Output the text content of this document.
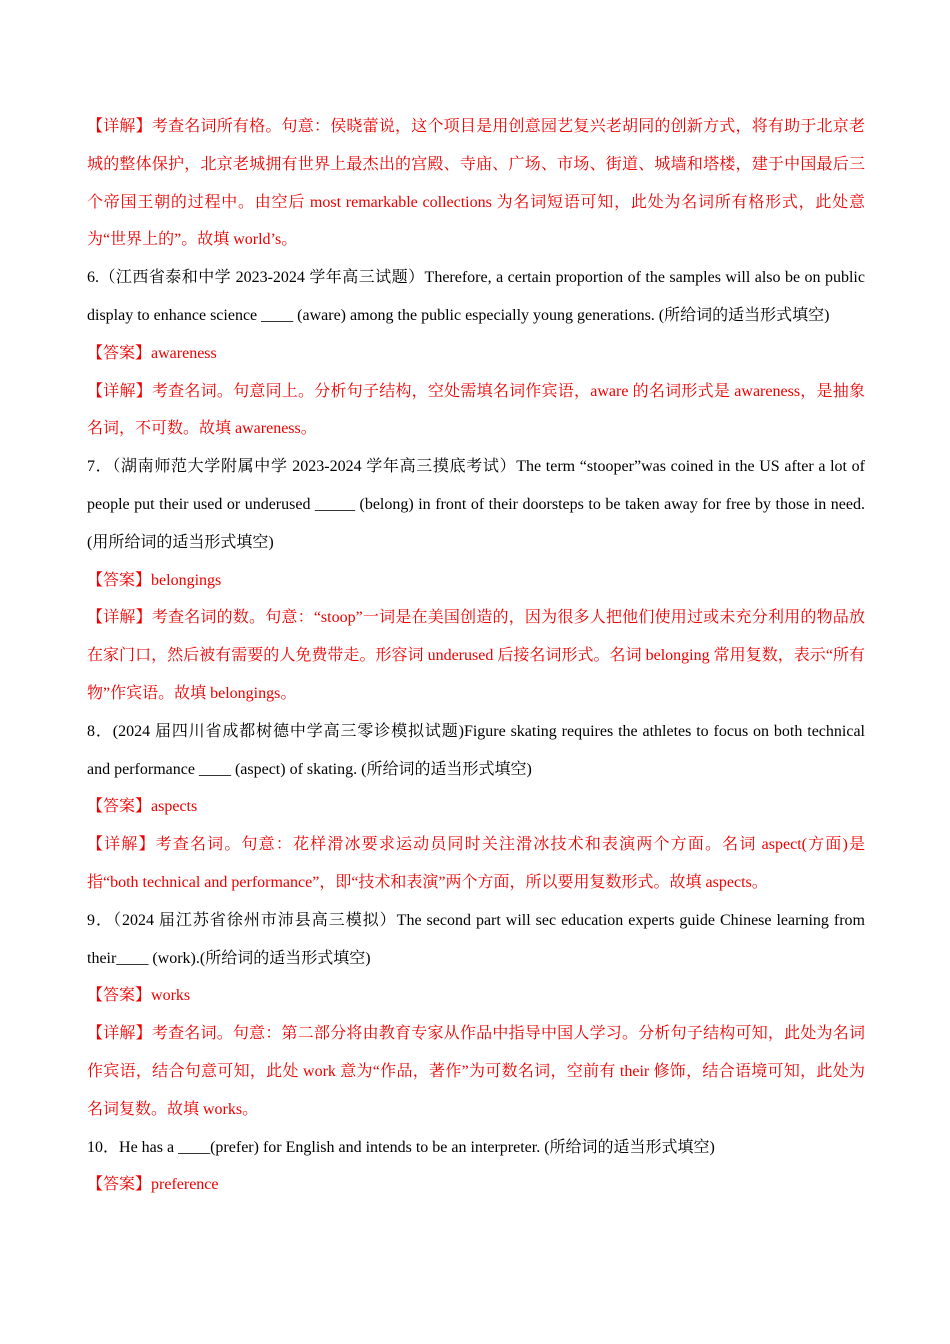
【详解】考查名词所有格。句意：侯晓蕾说，这个项目是用创意园艺复兴老胡同的创新方式，将有助于北京老城的整体保护，北京老城拥有世界上最杰出的宫殿、寺庙、广场、市场、街道、城墙和塔楼，建于中国最后三个帝国王朝的过程中。由空后 most remarkable collections 为名词短语可知，此处为名词所有格形式，此处意为“世界上的”。故填 world’s。

6.（江西省泰和中学 2023-2024 学年高三试题）Therefore, a certain proportion of the samples will also be on public display to enhance science ____ (aware) among the public especially young generations. (所给词的适当形式填空)

【答案】awareness

【详解】考查名词。句意同上。分析句子结构，空处需填名词作宾语，aware 的名词形式是 awareness，是抽象名词，不可数。故填 awareness。

7．（湖南师范大学附属中学 2023-2024 学年高三摸底考试）The term “stooper”was coined in the US after a lot of people put their used or underused _____ (belong) in front of their doorsteps to be taken away for free by those in need. (用所给词的适当形式填空)

【答案】belongings

【详解】考查名词的数。句意：“stoop”一词是在美国创造的，因为很多人把他们使用过或未充分利用的物品放在家门口，然后被有需要的人免费带走。形容词 underused 后接名词形式。名词 belonging 常用复数，表示“所有物”作宾语。故填 belongings。

8．(2024 届四川省成都树德中学高三零诊模拟试题)Figure skating requires the athletes to focus on both technical and performance ____ (aspect) of skating. (所给词的适当形式填空)

【答案】aspects

【详解】考查名词。句意：花样滑冰要求运动员同时关注滑冰技术和表演两个方面。名词 aspect(方面)是指“both technical and performance”，即“技术和表演”两个方面，所以要用复数形式。故填 aspects。

9．（2024 届江苏省徐州市沛县高三模拟）The second part will sec education experts guide Chinese learning from their____ (work).(所给词的适当形式填空)

【答案】works

【详解】考查名词。句意：第二部分将由教育专家从作品中指导中国人学习。分析句子结构可知，此处为名词作宾语，结合句意可知，此处 work 意为“作品，著作”为可数名词，空前有 their 修饰，结合语境可知，此处为名词复数。故填 works。

10．He has a ____(prefer) for English and intends to be an interpreter. (所给词的适当形式填空)

【答案】preference
